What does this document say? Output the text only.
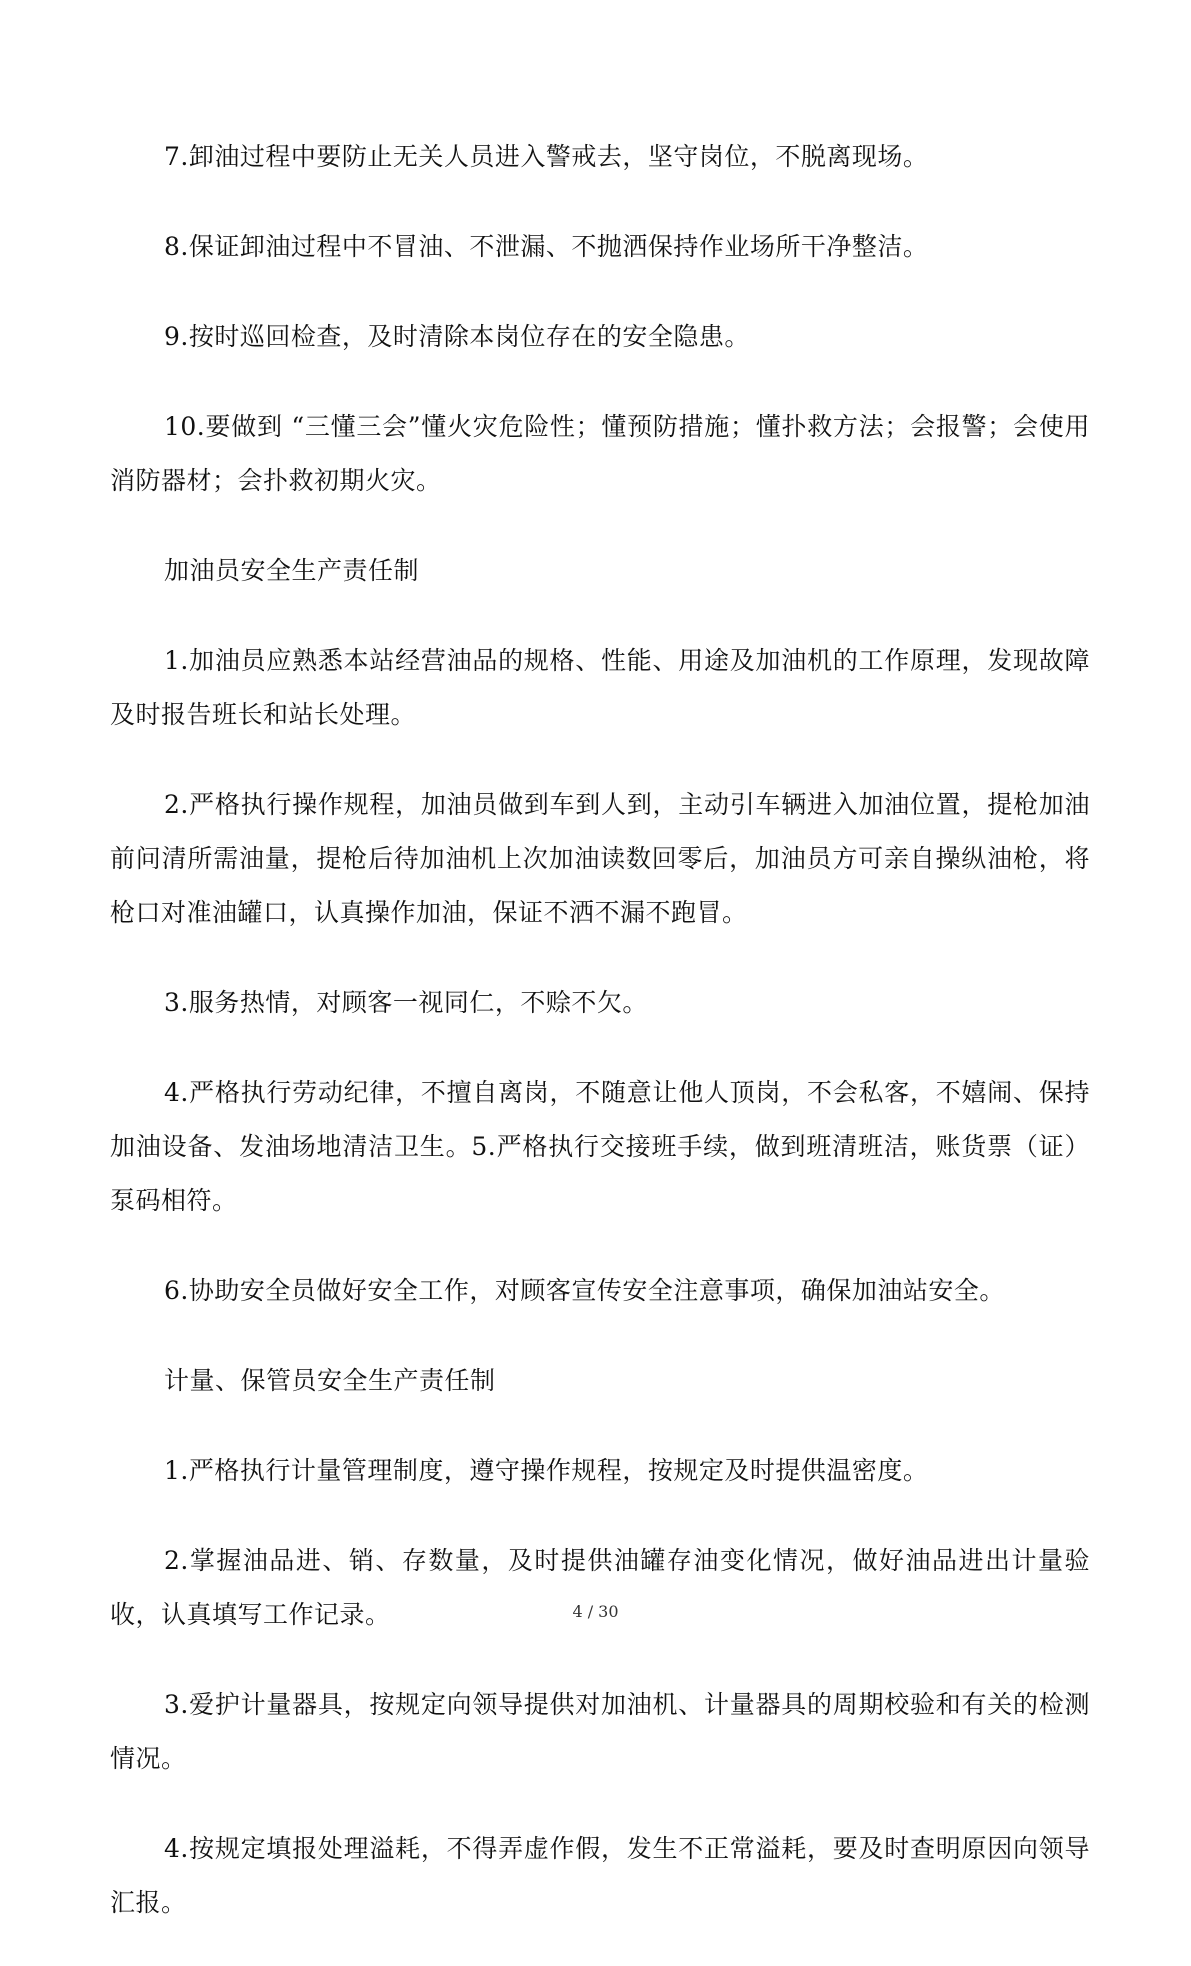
7.卸油过程中要防止无关人员进入警戒去，坚守岗位，不脱离现场。

8.保证卸油过程中不冒油、不泄漏、不抛洒保持作业场所干净整洁。

9.按时巡回检查，及时清除本岗位存在的安全隐患。

10.要做到 “三懂三会”懂火灾危险性；懂预防措施；懂扑救方法；会报警；会使用消防器材；会扑救初期火灾。

加油员安全生产责任制

1.加油员应熟悉本站经营油品的规格、性能、用途及加油机的工作原理，发现故障及时报告班长和站长处理。

2.严格执行操作规程，加油员做到车到人到，主动引车辆进入加油位置，提枪加油前问清所需油量，提枪后待加油机上次加油读数回零后，加油员方可亲自操纵油枪，将枪口对准油罐口，认真操作加油，保证不洒不漏不跑冒。

3.服务热情，对顾客一视同仁，不赊不欠。

4.严格执行劳动纪律，不擅自离岗，不随意让他人顶岗，不会私客，不嬉闹、保持加油设备、发油场地清洁卫生。5.严格执行交接班手续，做到班清班洁，账货票（证）泵码相符。

6.协助安全员做好安全工作，对顾客宣传安全注意事项，确保加油站安全。

计量、保管员安全生产责任制

1.严格执行计量管理制度，遵守操作规程，按规定及时提供温密度。

2.掌握油品进、销、存数量，及时提供油罐存油变化情况，做好油品进出计量验收，认真填写工作记录。

3.爱护计量器具，按规定向领导提供对加油机、计量器具的周期校验和有关的检测情况。

4.按规定填报处理溢耗，不得弄虚作假，发生不正常溢耗，要及时查明原因向领导汇报。

4 / 30
